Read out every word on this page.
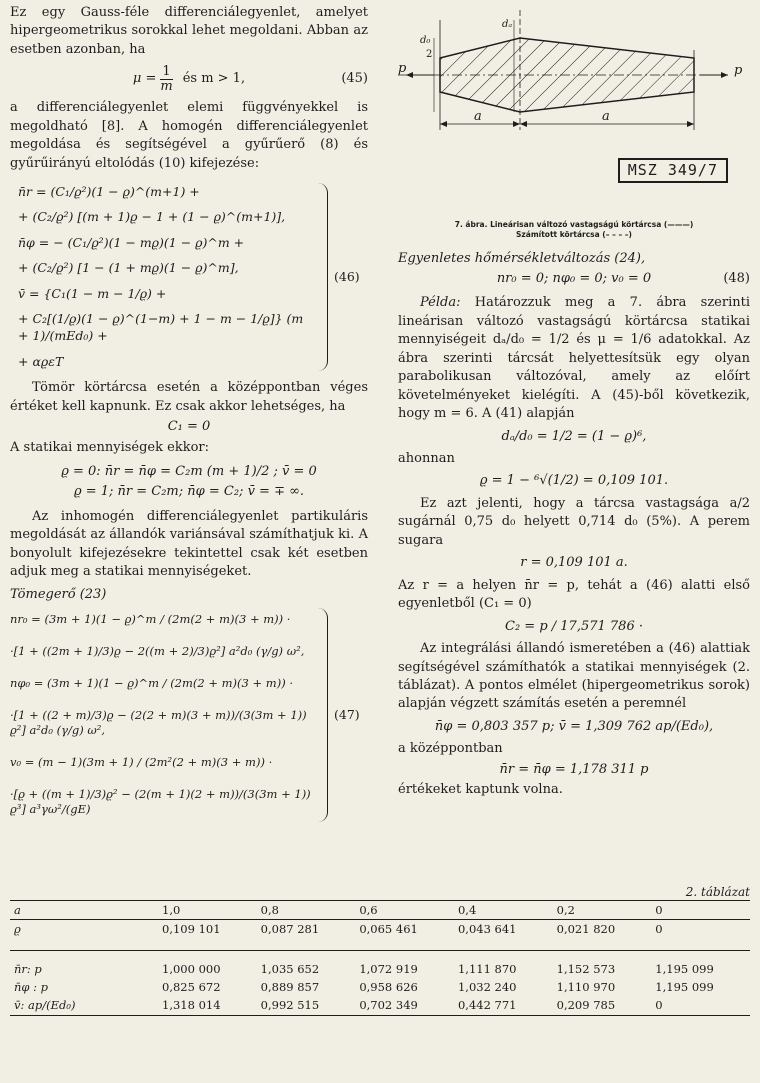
Ez egy Gauss-féle differenciálegyenlet, amelyet hipergeometrikus sorokkal lehet megoldani. Abban az esetben azonban, ha

$\mu = \frac{1}{m}$ és m > 1,	(45)

a differenciálegyenlet elemi függvényekkel is megoldható [8]. A homogén differenciálegyenlet megoldása és segítségével a gyűrűerő (8) és gyűrűirányú eltolódás (10) kifejezése:

n̄r = (C₁/ϱ²)(1 − ϱ)^(m+1) +
+ (C₂/ϱ²) [(m + 1)ϱ − 1 + (1 − ϱ)^(m+1)],
n̄φ = − (C₁/ϱ²)(1 − mϱ)(1 − ϱ)^m +
+ (C₂/ϱ²) [1 − (1 + mϱ)(1 − ϱ)^m],
v̄ = {C₁(1 − m − 1/ϱ) +
+ C₂[(1/ϱ)(1 − ϱ)^(1−m) + 1 − m − 1/ϱ]} (m + 1)/(mEd₀) +
+ αϱεT
(46)

Tömör körtárcsa esetén a középpontban véges értéket kell kapnunk. Ez csak akkor lehetséges, ha

C₁ = 0

A statikai mennyiségek ekkor:

ϱ = 0: n̄r = n̄φ = C₂m (m + 1)/2 ; v̄ = 0
ϱ = 1; n̄r = C₂m; n̄φ = C₂; v̄ = ∓ ∞.

Az inhomogén differenciálegyenlet partikuláris megoldását az állandók variánsával számíthatjuk ki. A bonyolult kifejezésekre tekintettel csak két esetben adjuk meg a statikai mennyiségeket.

Tömegerő (23)
nr₀ = (3m + 1)(1 − ϱ)^m / (2m(2 + m)(3 + m)) ·
·[1 + ((2m + 1)/3)ϱ − 2((m + 2)/3)ϱ²] a²d₀ (γ/g) ω²,
nφ₀ = (3m + 1)(1 − ϱ)^m / (2m(2 + m)(3 + m)) ·
·[1 + ((2 + m)/3)ϱ − (2(2 + m)(3 + m))/(3(3m + 1)) ϱ²] a²d₀ (γ/g) ω²,
v₀ = (m − 1)(3m + 1) / (2m²(2 + m)(3 + m)) ·
·[ϱ + ((m + 1)/3)ϱ² − (2(m + 1)(2 + m))/(3(3m + 1)) ϱ³] a³γω²/(gE)
(47)
p	p
a	a
d₀
2
dₐ
MSZ 349/7
7. ábra. Lineárisan változó vastagságú körtárcsa (———)
Számított körtárcsa (– – – –)
Egyenletes hőmérsékletváltozás (24),
nr₀ = 0; nφ₀ = 0; v₀ = 0	(48)

Példa: Határozzuk meg a 7. ábra szerinti lineárisan változó vastagságú körtárcsa statikai mennyiségeit dₐ/d₀ = 1/2 és μ = 1/6 adatokkal. Az ábra szerinti tárcsát helyettesítsük egy olyan parabolikusan változóval, amely az előírt követelményeket kielégíti. A (45)-ből következik, hogy m = 6. A (41) alapján

dₐ/d₀ = 1/2 = (1 − ϱ)⁶,

ahonnan

ϱ = 1 − ⁶√(1/2) = 0,109 101.

Ez azt jelenti, hogy a tárcsa vastagsága a/2 sugárnál 0,75 d₀ helyett 0,714 d₀ (5%). A perem sugara

r = 0,109 101 a.

Az r = a helyen n̄r = p, tehát a (46) alatti első egyenletből (C₁ = 0)

C₂ = p / 17,571 786 ·

Az integrálási állandó ismeretében a (46) alattiak segítségével számíthatók a statikai mennyiségek (2. táblázat). A pontos elmélet (hipergeometrikus sorok) alapján végzett számítás esetén a peremnél

n̄φ = 0,803 357 p; v̄ = 1,309 762 ap/(Ed₀),

a középpontban

n̄r = n̄φ = 1,178 311 p

értékeket kaptunk volna.

2. táblázat
a	1,0	0,8	0,6	0,4	0,2	0
ϱ	0,109 101	0,087 281	0,065 461	0,043 641	0,021 820	0
n̄r: p	1,000 000	1,035 652	1,072 919	1,111 870	1,152 573	1,195 099
n̄φ : p	0,825 672	0,889 857	0,958 626	1,032 240	1,110 970	1,195 099
v̄: ap/(Ed₀)	1,318 014	0,992 515	0,702 349	0,442 771	0,209 785	0
